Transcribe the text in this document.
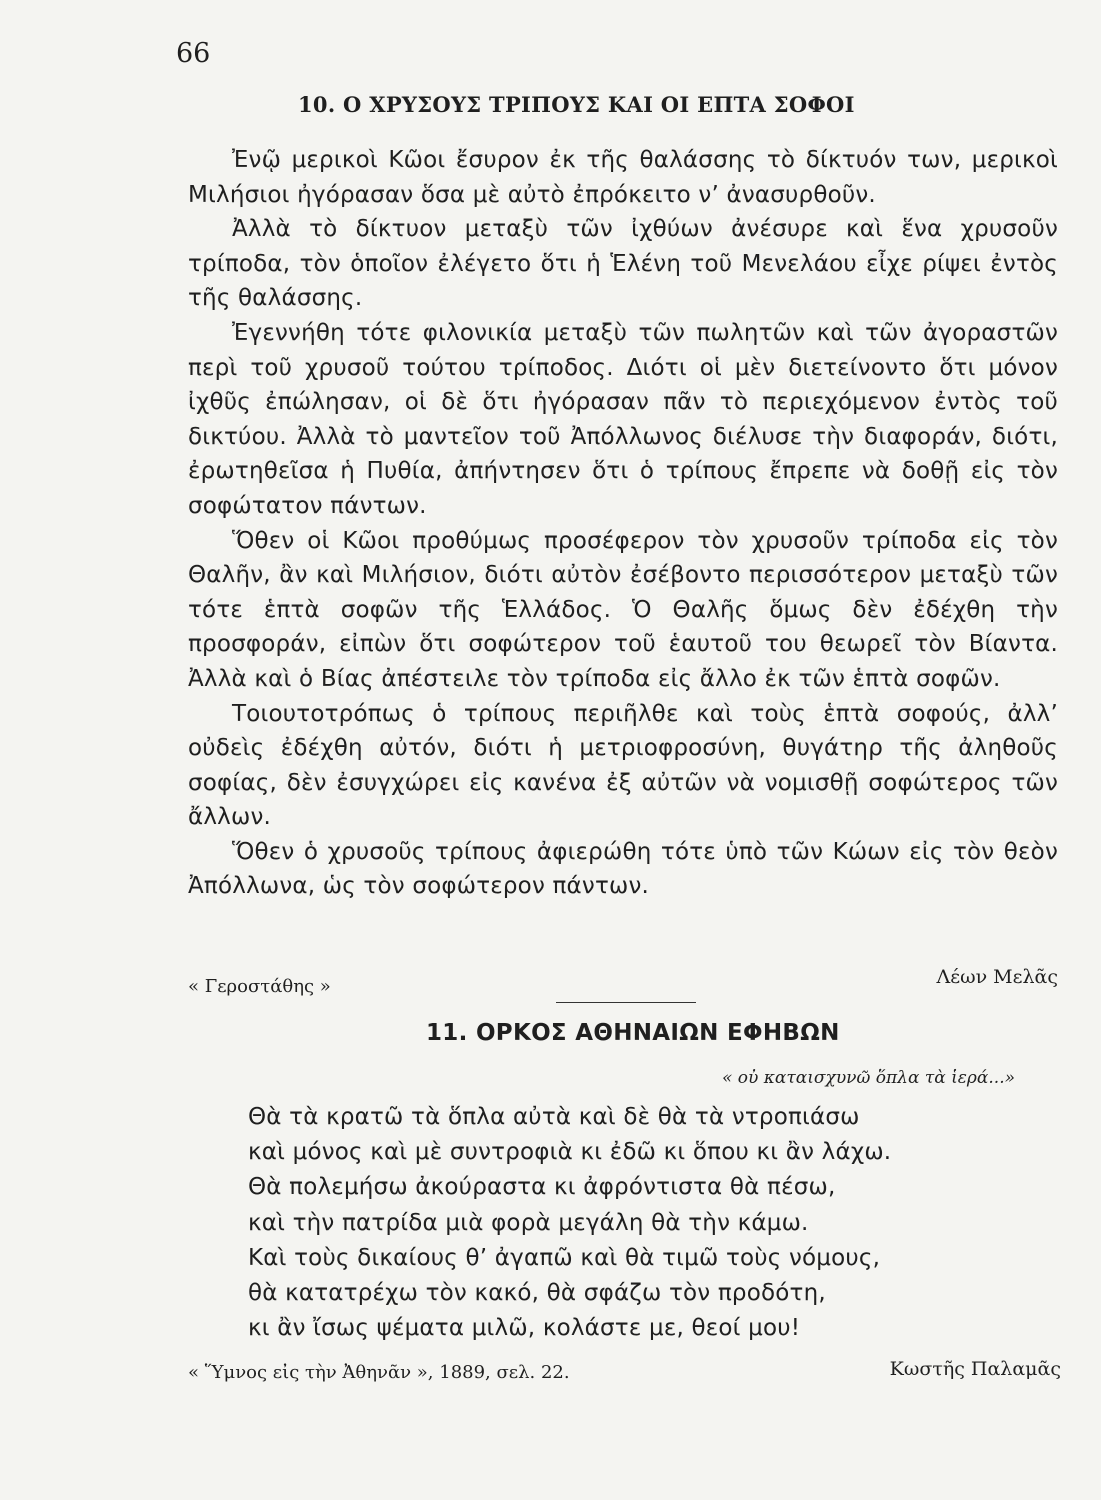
66
10. Ο ΧΡΥΣΟΥΣ ΤΡΙΠΟΥΣ ΚΑΙ ΟΙ ΕΠΤΑ ΣΟΦΟΙ

Ἐνῷ μερικοὶ Κῶοι ἔσυρον ἐκ τῆς θαλάσσης τὸ δίκτυόν των, μερικοὶ Μιλήσιοι ἠγόρασαν ὅσα μὲ αὐτὸ ἐπρόκειτο ν’ ἀνασυρθοῦν.

Ἀλλὰ τὸ δίκτυον μεταξὺ τῶν ἰχθύων ἀνέσυρε καὶ ἕνα χρυσοῦν τρίποδα, τὸν ὁποῖον ἐλέγετο ὅτι ἡ Ἑλένη τοῦ Μενελάου εἶχε ρίψει ἐντὸς τῆς θαλάσσης.

Ἐγεννήθη τότε φιλονικία μεταξὺ τῶν πωλητῶν καὶ τῶν ἀγοραστῶν περὶ τοῦ χρυσοῦ τούτου τρίποδος. Διότι οἱ μὲν διετείνοντο ὅτι μόνον ἰχθῦς ἐπώλησαν, οἱ δὲ ὅτι ἠγόρασαν πᾶν τὸ περιεχόμενον ἐντὸς τοῦ δικτύου. Ἀλλὰ τὸ μαντεῖον τοῦ Ἀπόλλωνος διέλυσε τὴν διαφοράν, διότι, ἐρωτηθεῖσα ἡ Πυθία, ἀπήντησεν ὅτι ὁ τρίπους ἔπρεπε νὰ δοθῇ εἰς τὸν σοφώτατον πάντων.

Ὅθεν οἱ Κῶοι προθύμως προσέφερον τὸν χρυσοῦν τρίποδα εἰς τὸν Θαλῆν, ἂν καὶ Μιλήσιον, διότι αὐτὸν ἐσέβοντο περισσότερον μεταξὺ τῶν τότε ἑπτὰ σοφῶν τῆς Ἑλλάδος. Ὁ Θαλῆς ὅμως δὲν ἐδέχθη τὴν προσφοράν, εἰπὼν ὅτι σοφώτερον τοῦ ἑαυτοῦ του θεωρεῖ τὸν Βίαντα. Ἀλλὰ καὶ ὁ Βίας ἀπέστειλε τὸν τρίποδα εἰς ἄλλο ἐκ τῶν ἑπτὰ σοφῶν.

Τοιουτοτρόπως ὁ τρίπους περιῆλθε καὶ τοὺς ἑπτὰ σοφούς, ἀλλ’ οὐδεὶς ἐδέχθη αὐτόν, διότι ἡ μετριοφροσύνη, θυγάτηρ τῆς ἀληθοῦς σοφίας, δὲν ἐσυγχώρει εἰς κανένα ἐξ αὐτῶν νὰ νομισθῇ σοφώτερος τῶν ἄλλων.

Ὅθεν ὁ χρυσοῦς τρίπους ἀφιερώθη τότε ὑπὸ τῶν Κώων εἰς τὸν θεὸν Ἀπόλλωνα, ὡς τὸν σοφώτερον πάντων.

« Γεροστάθης »	Λέων Μελᾶς
11. ΟΡΚΟΣ ΑΘΗΝΑΙΩΝ ΕΦΗΒΩΝ
« οὐ καταισχυνῶ ὅπλα τὰ ἱερά...»
Θὰ τὰ κρατῶ τὰ ὅπλα αὐτὰ καὶ δὲ θὰ τὰ ντροπιάσω
καὶ μόνος καὶ μὲ συντροφιὰ κι ἐδῶ κι ὅπου κι ἂν λάχω.
Θὰ πολεμήσω ἀκούραστα κι ἀφρόντιστα θὰ πέσω,
καὶ τὴν πατρίδα μιὰ φορὰ μεγάλη θὰ τὴν κάμω.
Καὶ τοὺς δικαίους θ’ ἀγαπῶ καὶ θὰ τιμῶ τοὺς νόμους,
θὰ κατατρέχω τὸν κακό, θὰ σφάζω τὸν προδότη,
κι ἂν ἴσως ψέματα μιλῶ, κολάστε με, θεοί μου!
« Ὕμνος εἰς τὴν Ἀθηνᾶν », 1889, σελ. 22.	Κωστῆς Παλαμᾶς
